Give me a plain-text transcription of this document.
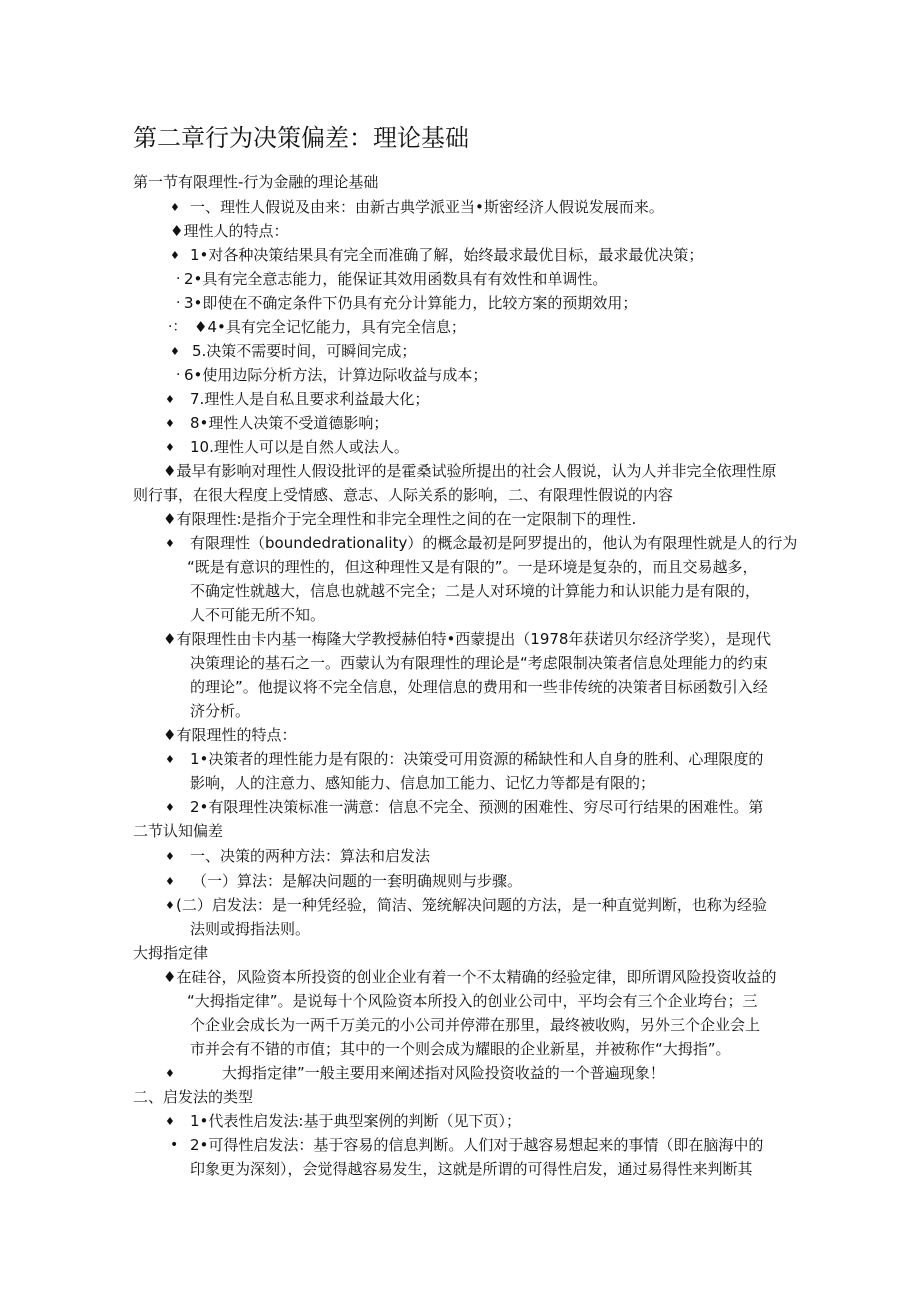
第二章行为决策偏差：理论基础
第一节有限理性-行为金融的理论基础
♦ 一、理性人假说及由来：由新古典学派亚当•斯密经济人假说发展而来。
♦理性人的特点：
♦ 1•对各种决策结果具有完全而准确了解，始终最求最优目标，最求最优决策；
· 2•具有完全意志能力，能保证其效用函数具有有效性和单调性。
· 3•即使在不确定条件下仍具有充分计算能力，比较方案的预期效用；
·： ♦4•具有完全记忆能力，具有完全信息；
♦ 5.决策不需要时间，可瞬间完成；
· 6•使用边际分析方法，计算边际收益与成本；
♦ 7.理性人是自私且要求利益最大化；
♦ 8•理性人决策不受道德影响；
♦ 10.理性人可以是自然人或法人。
♦最早有影响对理性人假设批评的是霍桑试验所提出的社会人假说，认为人并非完全依理性原
则行事，在很大程度上受情感、意志、人际关系的影响，二、有限理性假说的内容
♦有限理性:是指介于完全理性和非完全理性之间的在一定限制下的理性.
♦ 有限理性（boundedrationality）的概念最初是阿罗提出的，他认为有限理性就是人的行为
“既是有意识的理性的，但这种理性又是有限的”。一是环境是复杂的，而且交易越多，
不确定性就越大，信息也就越不完全；二是人对环境的计算能力和认识能力是有限的，
人不可能无所不知。
♦有限理性由卡内基一梅隆大学教授赫伯特•西蒙提出（1978年获诺贝尔经济学奖），是现代
决策理论的基石之一。西蒙认为有限理性的理论是“考虑限制决策者信息处理能力的约束
的理论”。他提议将不完全信息，处理信息的费用和一些非传统的决策者目标函数引入经
济分析。
♦有限理性的特点：
♦ 1•决策者的理性能力是有限的：决策受可用资源的稀缺性和人自身的胜利、心理限度的
影响，人的注意力、感知能力、信息加工能力、记忆力等都是有限的；
♦ 2•有限理性决策标准一满意：信息不完全、预测的困难性、穷尽可行结果的困难性。第
二节认知偏差
♦ 一、决策的两种方法：算法和启发法
♦ （一）算法：是解决问题的一套明确规则与步骤。
♦ (二）启发法：是一种凭经验，简洁、笼统解决问题的方法，是一种直觉判断，也称为经验
法则或拇指法则。
大拇指定律
♦在硅谷，风险资本所投资的创业企业有着一个不太精确的经验定律，即所谓风险投资收益的
“大拇指定律”。是说每十个风险资本所投入的创业公司中，平均会有三个企业垮台；三
个企业会成长为一两千万美元的小公司并停滞在那里，最终被收购，另外三个企业会上
市并会有不错的市值；其中的一个则会成为耀眼的企业新星，并被称作“大拇指”。
♦	大拇指定律”一般主要用来阐述指对风险投资收益的一个普遍现象！
二、启发法的类型
♦ 1•代表性启发法:基于典型案例的判断（见下页）；
• 2•可得性启发法：基于容易的信息判断。人们对于越容易想起来的事情（即在脑海中的
印象更为深刻），会觉得越容易发生，这就是所谓的可得性启发，通过易得性来判断其
